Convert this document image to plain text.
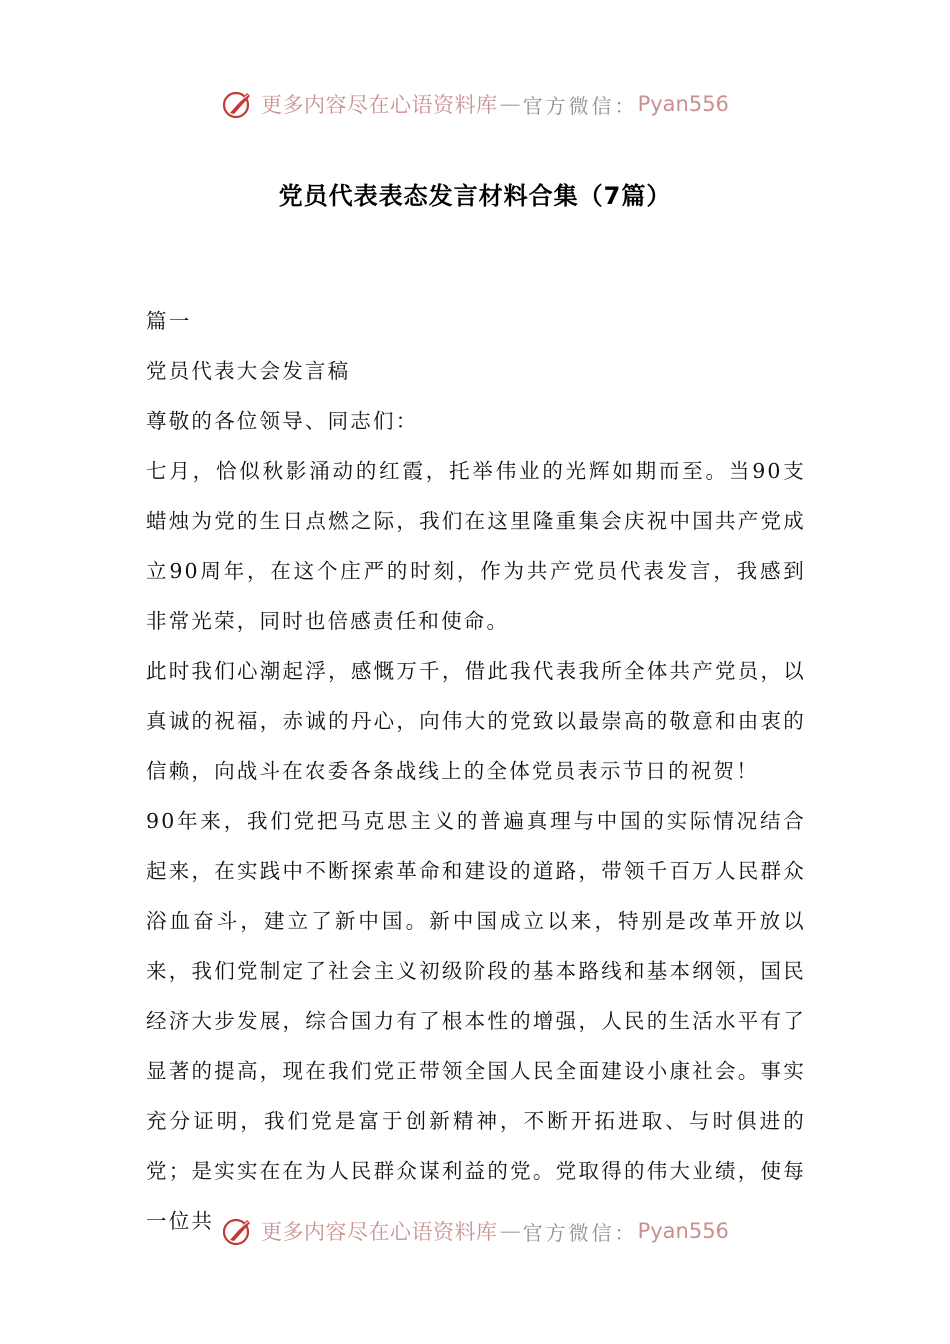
更多内容尽在心语资料库 — 官方微信： Pyan556
党员代表表态发言材料合集（7篇）

篇一

党员代表大会发言稿

尊敬的各位领导、同志们：

七月，恰似秋影涌动的红霞，托举伟业的光辉如期而至。当90支蜡烛为党的生日点燃之际，我们在这里隆重集会庆祝中国共产党成立90周年，在这个庄严的时刻，作为共产党员代表发言，我感到非常光荣，同时也倍感责任和使命。

此时我们心潮起浮，感慨万千，借此我代表我所全体共产党员，以真诚的祝福，赤诚的丹心，向伟大的党致以最崇高的敬意和由衷的信赖，向战斗在农委各条战线上的全体党员表示节日的祝贺！

90年来，我们党把马克思主义的普遍真理与中国的实际情况结合起来，在实践中不断探索革命和建设的道路，带领千百万人民群众浴血奋斗，建立了新中国。新中国成立以来，特别是改革开放以来，我们党制定了社会主义初级阶段的基本路线和基本纲领，国民经济大步发展，综合国力有了根本性的增强，人民的生活水平有了显著的提高，现在我们党正带领全国人民全面建设小康社会。事实充分证明，我们党是富于创新精神，不断开拓进取、与时俱进的党；是实实在在为人民群众谋利益的党。党取得的伟大业绩，使每一位共	更多内容尽在心语资料库 — 官方微信： Pyan556
